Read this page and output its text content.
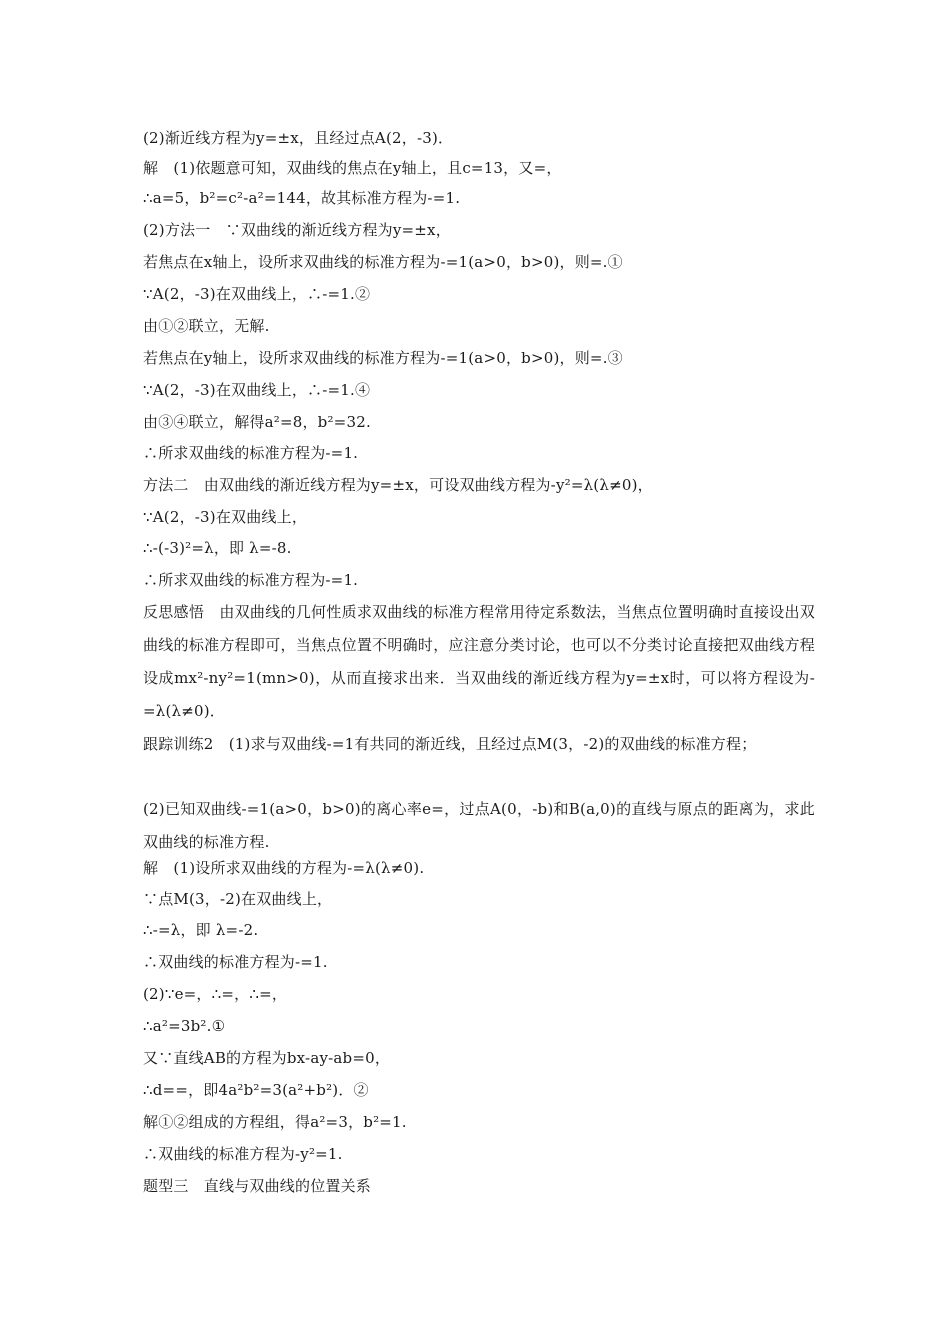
(2)渐近线方程为y=±x，且经过点A(2，-3)．
解　(1)依题意可知，双曲线的焦点在y轴上，且c=13，又=，
∴a=5，b²=c²-a²=144，故其标准方程为-=1.
(2)方法一　∵双曲线的渐近线方程为y=±x，
若焦点在x轴上，设所求双曲线的标准方程为-=1(a>0，b>0)，则=.①
∵A(2，-3)在双曲线上，∴-=1.②
由①②联立，无解.
若焦点在y轴上，设所求双曲线的标准方程为-=1(a>0，b>0)，则=.③
∵A(2，-3)在双曲线上，∴-=1.④
由③④联立，解得a²=8，b²=32.
∴所求双曲线的标准方程为-=1.
方法二　由双曲线的渐近线方程为y=±x，可设双曲线方程为-y²=λ(λ≠0)，
∵A(2，-3)在双曲线上，
∴-(-3)²=λ，即 λ=-8.
∴所求双曲线的标准方程为-=1.
反思感悟　由双曲线的几何性质求双曲线的标准方程常用待定系数法，当焦点位置明确时直接设出双曲线的标准方程即可，当焦点位置不明确时，应注意分类讨论，也可以不分类讨论直接把双曲线方程设成mx²-ny²=1(mn>0)，从而直接求出来．当双曲线的渐近线方程为y=±x时，可以将方程设为-=λ(λ≠0)．
跟踪训练2　(1)求与双曲线-=1有共同的渐近线，且经过点M(3，-2)的双曲线的标准方程；
(2)已知双曲线-=1(a>0，b>0)的离心率e=，过点A(0，-b)和B(a,0)的直线与原点的距离为，求此双曲线的标准方程.
解　(1)设所求双曲线的方程为-=λ(λ≠0).
∵点M(3，-2)在双曲线上，
∴-=λ，即 λ=-2.
∴双曲线的标准方程为-=1.
(2)∵e=，∴=，∴=，
∴a²=3b².①
又∵直线AB的方程为bx-ay-ab=0，
∴d==，即4a²b²=3(a²+b²)．②
解①②组成的方程组，得a²=3，b²=1.
∴双曲线的标准方程为-y²=1.
题型三　直线与双曲线的位置关系
